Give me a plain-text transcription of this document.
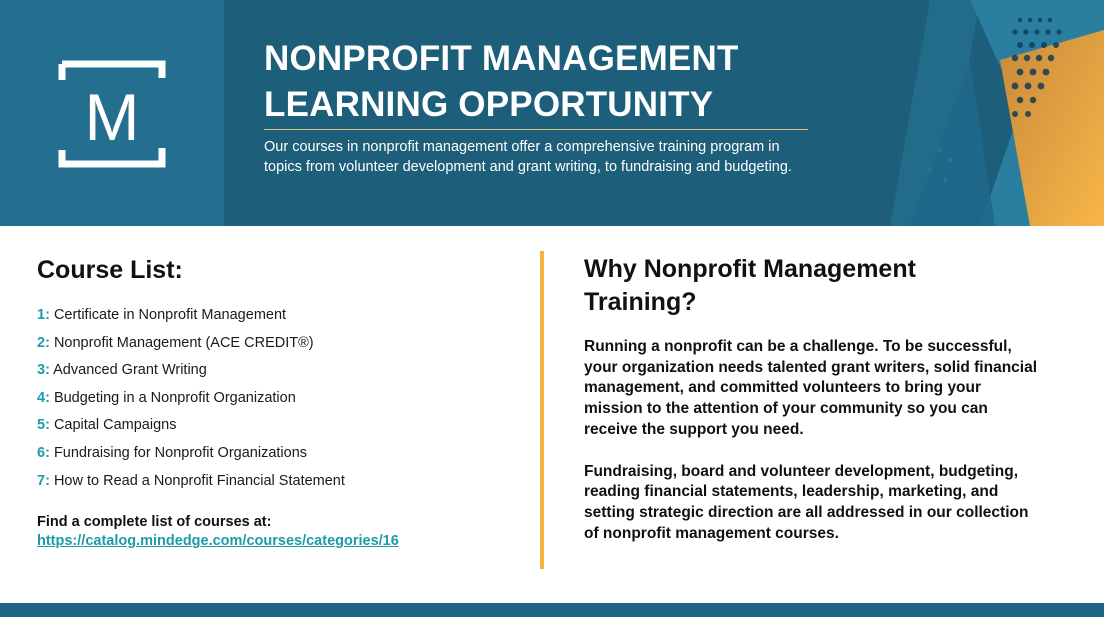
M
NONPROFIT MANAGEMENT
LEARNING OPPORTUNITY

Our courses in nonprofit management offer a comprehensive training program in
topics from volunteer development and grant writing, to fundraising and budgeting.

Course List:
1: Certificate in Nonprofit Management
2: Nonprofit Management (ACE CREDIT®)
3: Advanced Grant Writing
4: Budgeting in a Nonprofit Organization
5: Capital Campaigns
6: Fundraising for Nonprofit Organizations
7: How to Read a Nonprofit Financial Statement

Find a complete list of courses at:

https://catalog.mindedge.com/courses/categories/16
Why Nonprofit Management
Training?

Running a nonprofit can be a challenge. To be successful,
your organization needs talented grant writers, solid financial
management, and committed volunteers to bring your
mission to the attention of your community so you can
receive the support you need.

Fundraising, board and volunteer development, budgeting,
reading financial statements, leadership, marketing, and
setting strategic direction are all addressed in our collection
of nonprofit management courses.
